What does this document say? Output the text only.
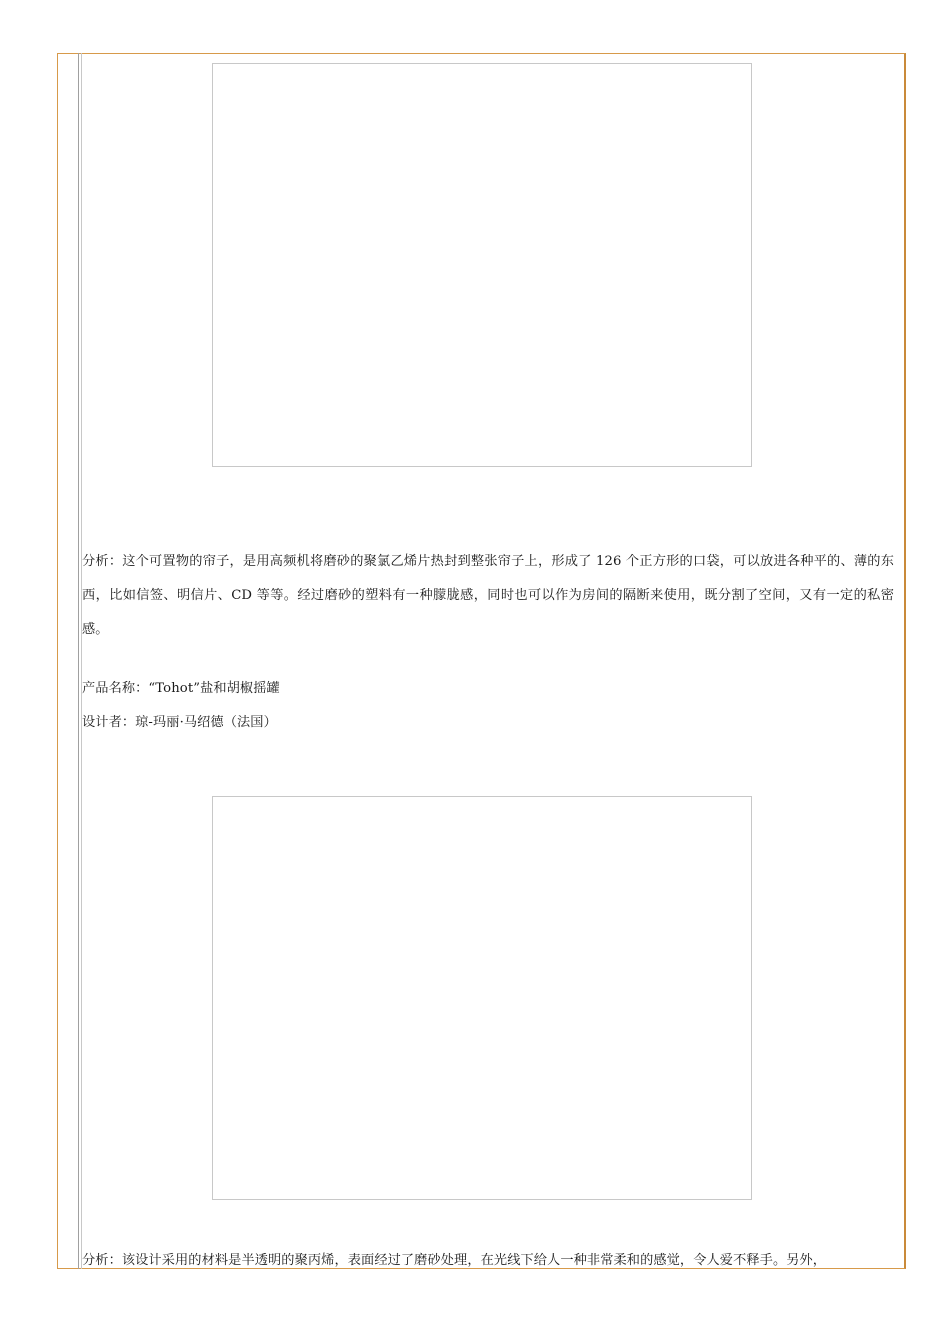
分析：这个可置物的帘子，是用高频机将磨砂的聚氯乙烯片热封到整张帘子上，形成了 126 个正方形的口袋，可以放进各种平的、薄的东西，比如信签、明信片、CD 等等。经过磨砂的塑料有一种朦胧感，同时也可以作为房间的隔断来使用，既分割了空间，又有一定的私密感。

产品名称：“Tohot”盐和胡椒摇罐

设计者：琼-玛丽·马绍德（法国）

分析：该设计采用的材料是半透明的聚丙烯，表面经过了磨砂处理，在光线下给人一种非常柔和的感觉，令人爱不释手。另外，
